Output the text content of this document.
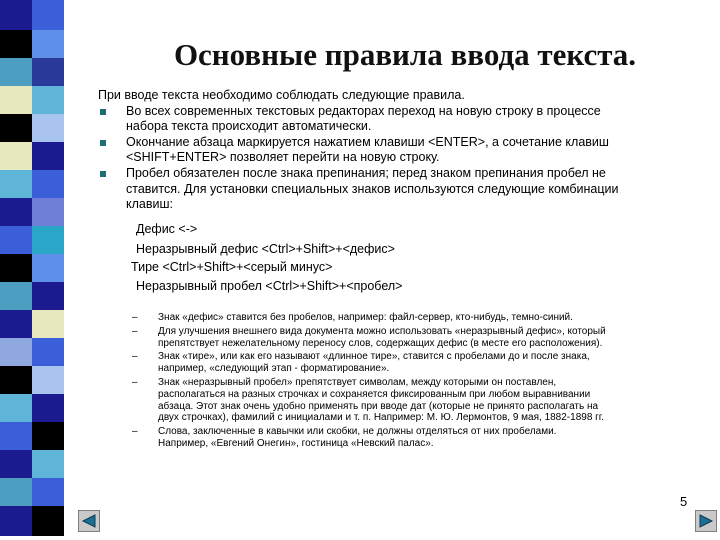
Основные правила ввода текста.
При вводе текста необходимо соблюдать следующие правила.
Во всех современных текстовых редакторах переход на новую строку в процессе
набора текста происходит автоматически.
Окончание абзаца маркируется нажатием клавиши <ENTER>, а сочетание клавиш
<SHIFT+ENTER> позволяет перейти на новую строку.
Пробел обязателен после знака препинания; перед знаком препинания пробел не
ставится. Для установки специальных знаков используются следующие комбинации
клавиш:
Дефис <->
Неразрывный дефис <Ctrl>+Shift>+<дефис>
Тире <Ctrl>+Shift>+<серый минус>
Неразрывный пробел <Ctrl>+Shift>+<пробел>
– Знак «дефис» ставится без пробелов, например: файл-сервер, кто-нибудь, темно-синий.
– Для улучшения внешнего вида документа можно использовать «неразрывный дефис», который
препятствует нежелательному переносу слов, содержащих дефис (в месте его расположения).
– Знак «тире», или как его называют «длинное тире», ставится с пробелами до и после знака,
например, «следующий этап - форматирование».
– Знак «неразрывный пробел» препятствует символам, между которыми он поставлен,
располагаться на разных строчках и сохраняется фиксированным при любом выравнивании
абзаца. Этот знак очень удобно применять при вводе дат (которые не принято располагать на
двух строчках), фамилий с инициалами и т. п. Например: М. Ю. Лермонтов, 9 мая, 1882-1898 гг.
– Слова, заключенные в кавычки или скобки, не должны отделяться от них пробелами.
Например, «Евгений Онегин», гостиница «Невский палас».
5
